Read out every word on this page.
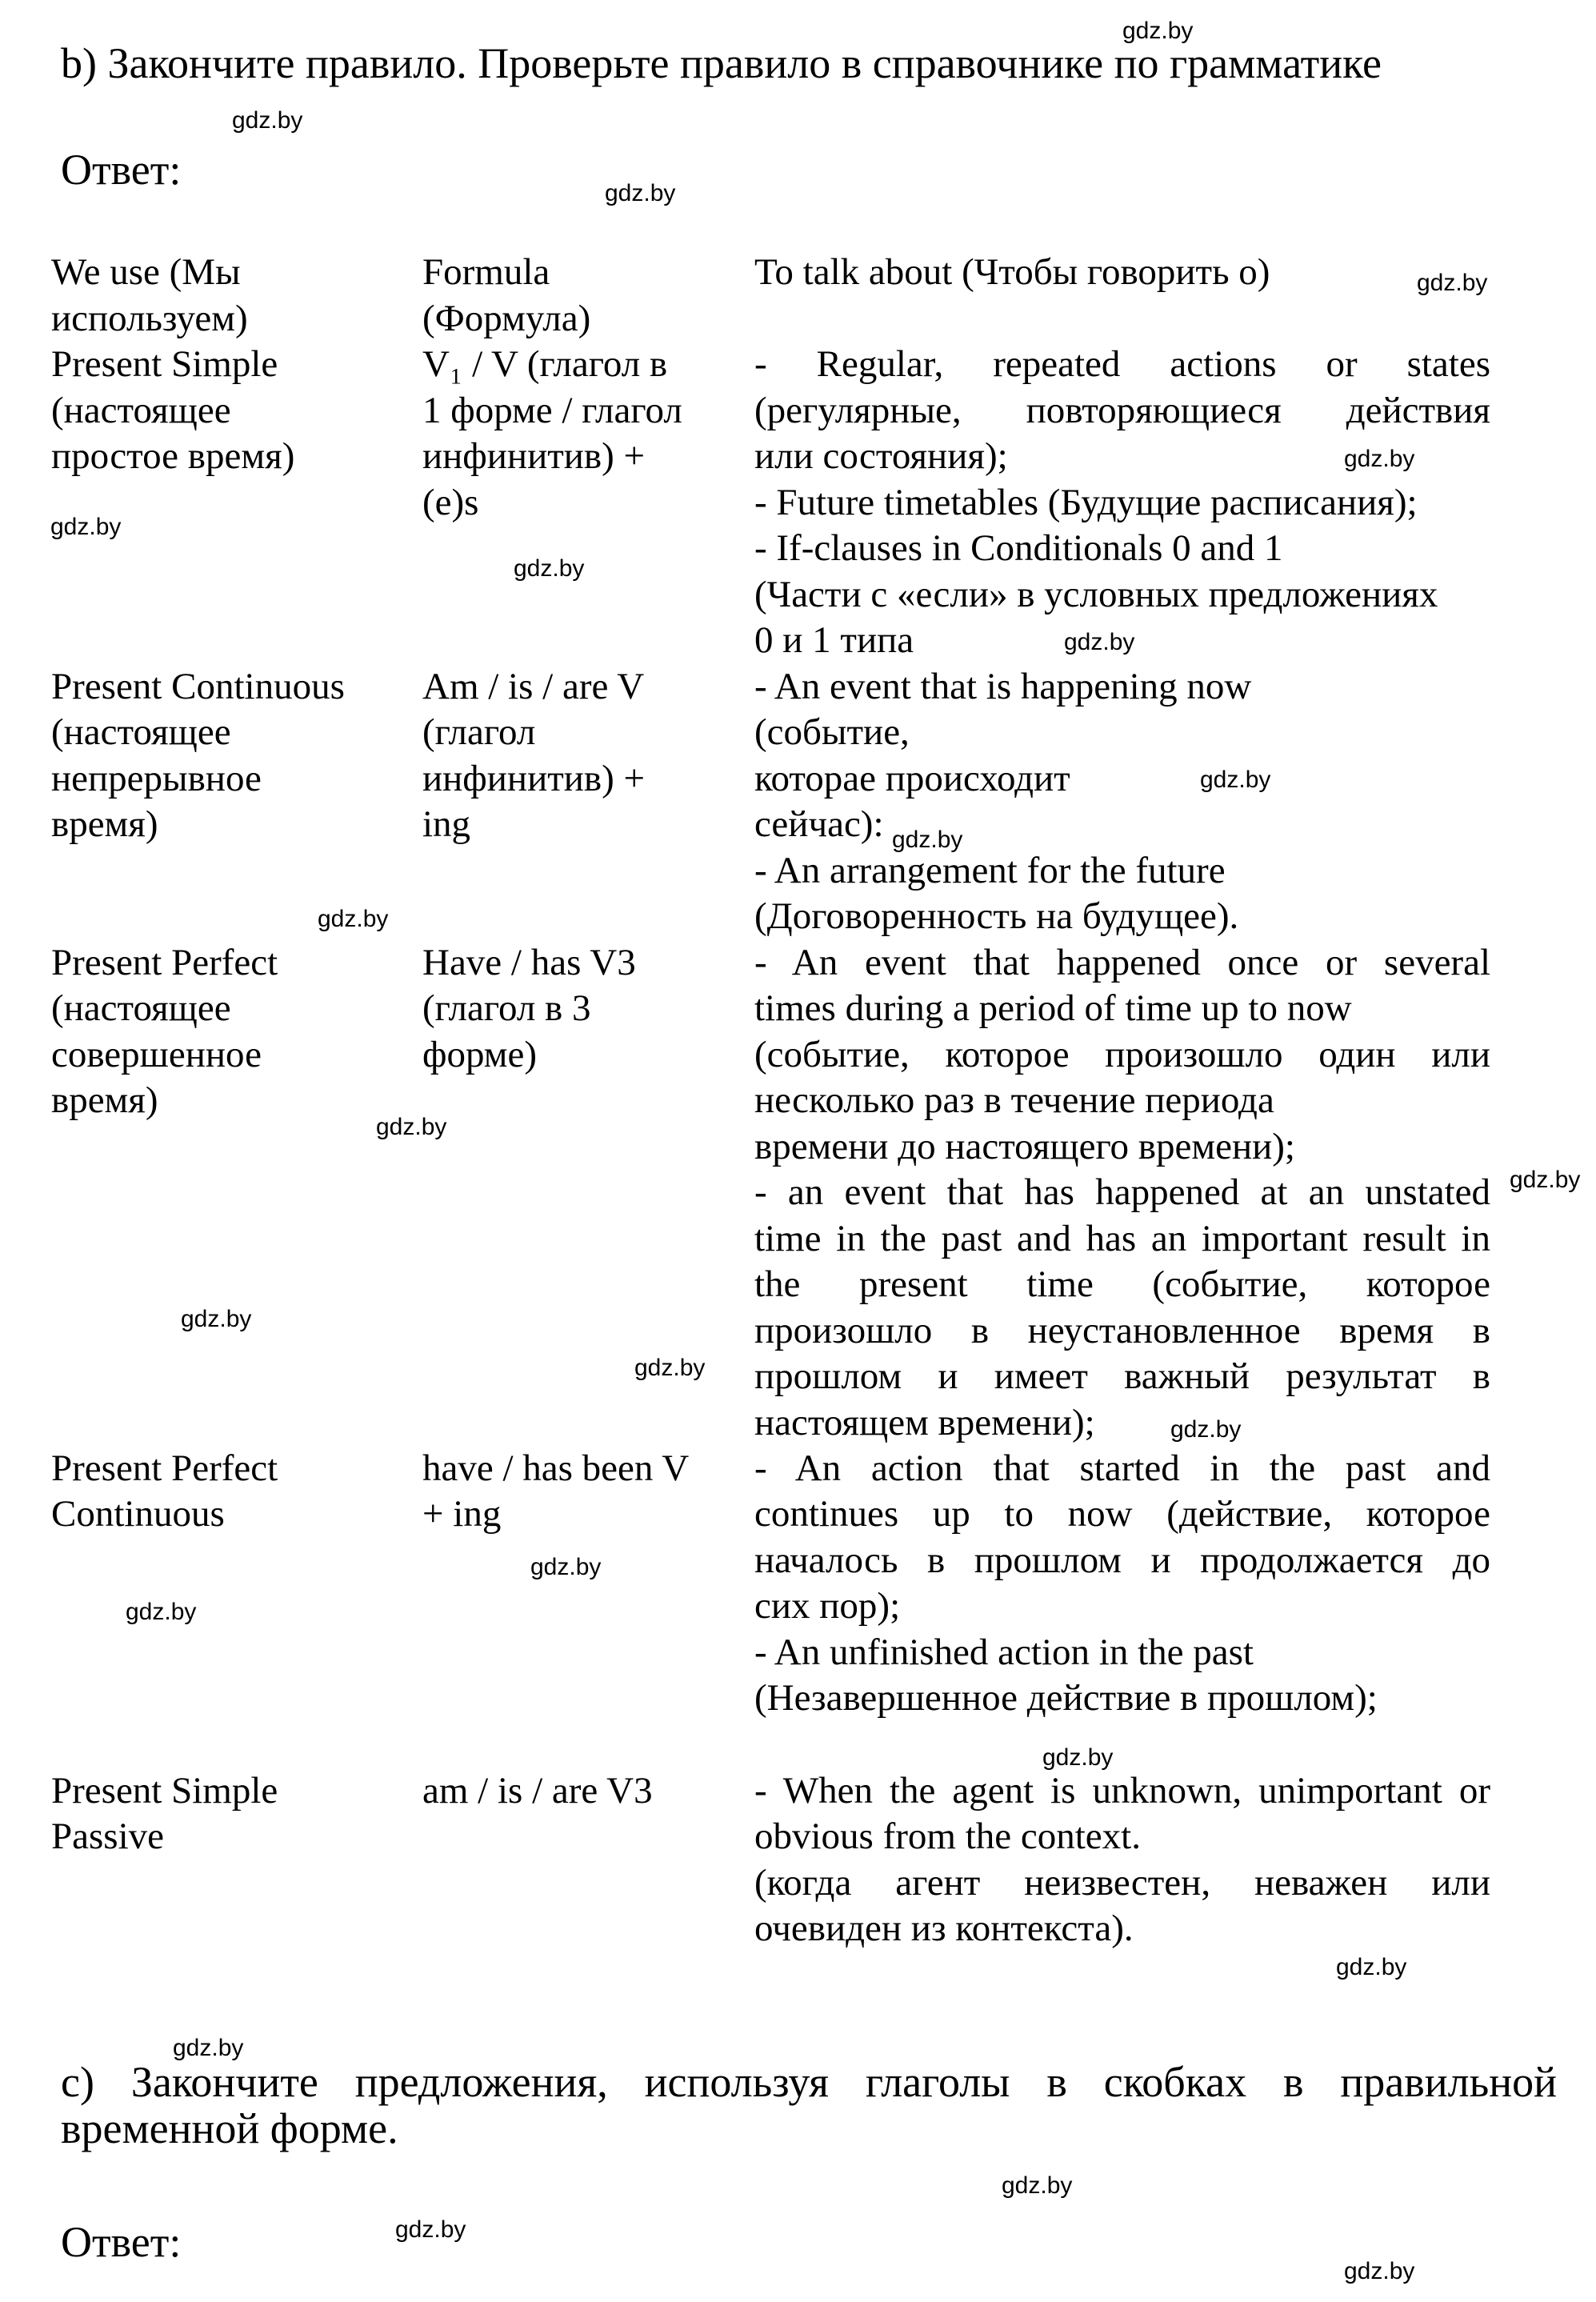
b) Закончите правило. Проверьте правило в справочнике по грамматике
Ответ:
We use (Мы
используем)
Formula
(Формула)
To talk about (Чтобы говорить о)
Present Simple
(настоящее
простое время)
V₁ / V (глагол в
1 форме / глагол
инфинитив) +
(e)s
- Regular, repeated actions or states
(регулярные, повторяющиеся действия
или состояния);
- Future timetables (Будущие расписания);
- If-clauses in Conditionals 0 and 1
(Части с «если» в условных предложениях
0 и 1 типа
Present Continuous
(настоящее
непрерывное
время)
Am / is / are V
(глагол
инфинитив) +
ing
- An event that is happening now
(событие,
которае происходит
сейчас):
- An arrangement for the future
(Договоренность на будущее).
Present Perfect
(настоящее
совершенное
время)
Have / has V3
(глагол в 3
форме)
- An event that happened once or several
times during a period of time up to now
(событие, которое произошло один или
несколько раз в течение периода
времени до настоящего времени);
- an event that has happened at an unstated
time in the past and has an important result in
the present time (событие, которое
произошло в неустановленное время в
прошлом и имеет важный результат в
настоящем времени);
Present Perfect
Continuous
have / has been V
+ ing
- An action that started in the past and
continues up to now (действие, которое
началось в прошлом и продолжается до
сих пор);
- An unfinished action in the past
(Незавершенное действие в прошлом);
Present Simple
Passive
am / is / are V3	- When the agent is unknown, unimportant or
obvious from the context.
(когда агент неизвестен, неважен или
очевиден из контекста).
c) Закончите предложения, используя глаголы в скобках в правильной
временной форме.
Ответ:
gdz.by
gdz.by
gdz.by
gdz.by
gdz.by
gdz.by
gdz.by
gdz.by
gdz.by
gdz.by
gdz.by
gdz.by
gdz.by
gdz.by
gdz.by
gdz.by
gdz.by
gdz.by
gdz.by
gdz.by
gdz.by
gdz.by
gdz.by
gdz.by
